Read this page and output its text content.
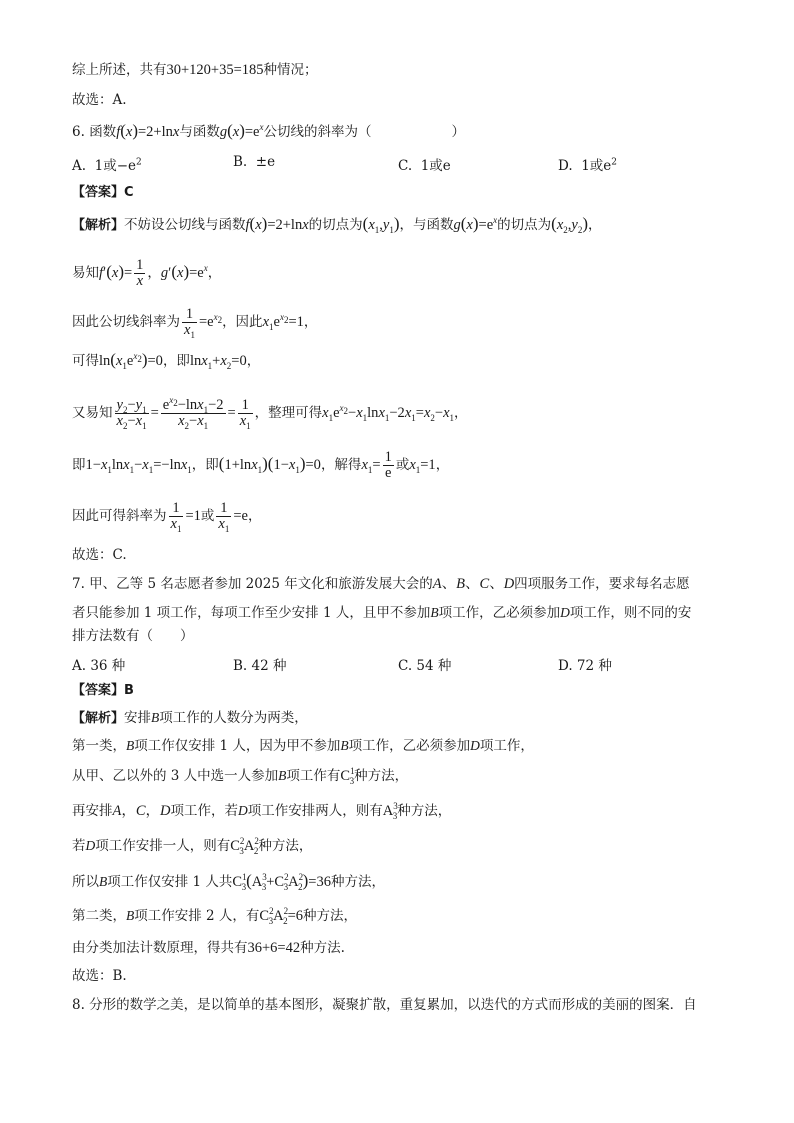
综上所述，共有30+120+35=185种情况；
故选：A.
6. 函数f(x)=2+lnx与函数$g(x)=e^x$公切线的斜率为（	）
A.  1或$-e^2$	B.  ±e	C.  1或e	D.  1或$e^2$
【答案】C
【解析】不妨设公切线与函数f(x)=2+lnx的切点为$(x_1,y_1)$，与函数$g(x)=e^x$的切点为$(x_2,y_2)$，
易知$f'(x)= \frac{1}{x}$ ，$g'(x)=e^x$，
因此公切线斜率为 $\frac{1}{x_1} =e^{x_2}$，因此$x_1e^{x_2}=1$，
可得$\ln(x_1e^{x_2})=0$，即$\ln x_1+x_2=0$，
又易知 $\frac{y_2-y_1}{x_2-x_1} = \frac{e^{x_2}-\ln x_1-2}{x_2-x_1} = \frac{1}{x_1}$ ，整理可得$x_1e^{x_2}-x_1\ln x_1-2x_1=x_2-x_1$，
即$1-x_1\ln x_1-x_1=-\ln x_1$，即$(1+\ln x_1)(1-x_1)=0$，解得$x_1= \frac{1}{e}$ 或$x_1=1$，
因此可得斜率为 $\frac{1}{x_1} =1$或 $\frac{1}{x_1} =e$，
故选：C.
7. 甲、乙等 5 名志愿者参加 2025 年文化和旅游发展大会的A、B、C、D四项服务工作，要求每名志愿
者只能参加 1 项工作，每项工作至少安排 1 人，且甲不参加B项工作，乙必须参加D项工作，则不同的安
排方法数有（　　）
A. 36 种	B. 42 种	C. 54 种	D. 72 种
【答案】B
【解析】安排B项工作的人数分为两类，
第一类，B项工作仅安排 1 人，因为甲不参加B项工作，乙必须参加D项工作，
从甲、乙以外的 3 人中选一人参加B项工作有$C^1_3$种方法，
再安排A，C，D项工作，若D项工作安排两人，则有$A^3_3$种方法，
若D项工作安排一人，则有$C^2_3A^2_2$种方法，
所以B项工作仅安排 1 人共$C^1_3(A^3_3+C^2_3A^2_2)=36$种方法，
第二类，B项工作安排 2 人，有$C^2_3A^2_2=6$种方法，
由分类加法计数原理，得共有36+6=42种方法.
故选：B.
8. 分形的数学之美，是以简单的基本图形，凝聚扩散，重复累加，以迭代的方式而形成的美丽的图案．自
